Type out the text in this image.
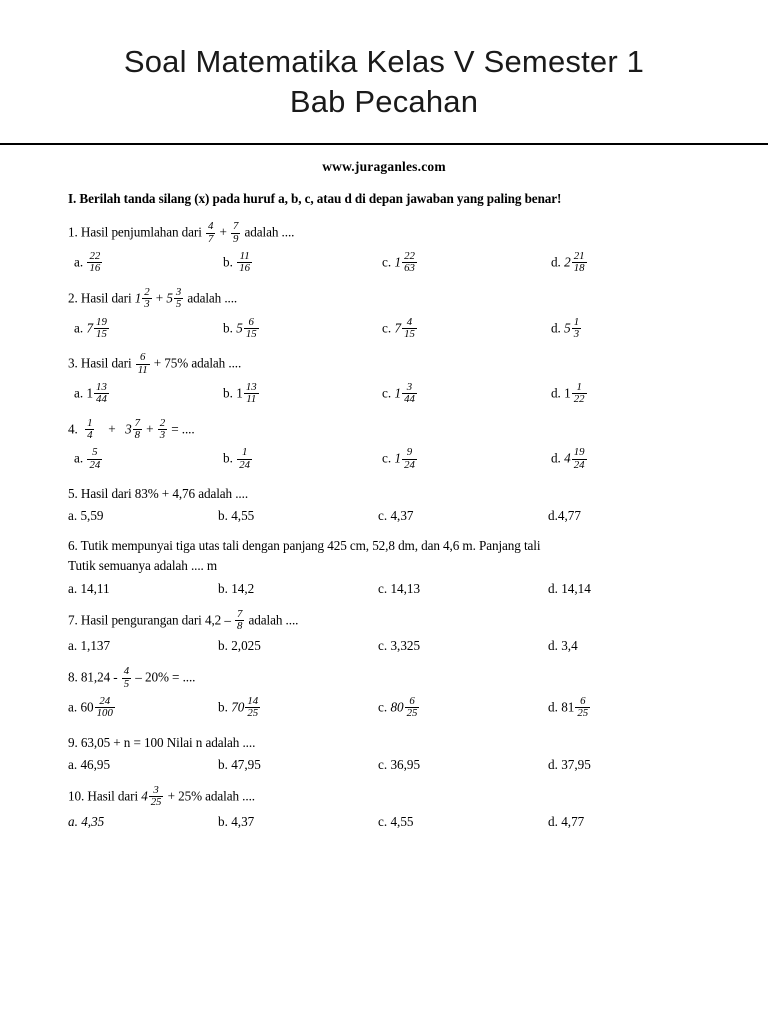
Soal Matematika Kelas V Semester 1
Bab Pecahan
www.juraganles.com
I. Berilah tanda silang (x) pada huruf a, b, c, atau d di depan jawaban yang paling benar!
1. Hasil penjumlahan dari $\frac{4}{7} + \frac{7}{9}$ adalah ....
a. $\frac{22}{16}$	b. $\frac{11}{16}$	c. $1 \frac{22}{63}$	d. $2 \frac{21}{18}$
2. Hasil dari $1 \frac{2}{3} + 5 \frac{3}{5}$ adalah ....
a. $7 \frac{19}{15}$	b. $5 \frac{6}{15}$	c. $7 \frac{4}{15}$	d. $5 \frac{1}{3}$
3. Hasil dari $\frac{6}{11} + 75\%$ adalah ....
a. $1 \frac{13}{44}$	b. $1 \frac{13}{11}$	c. $1 \frac{3}{44}$	d. $1 \frac{1}{22}$
4. $\frac{1}{4} + 3 \frac{7}{8} + \frac{2}{3}$ = ....
a. $\frac{5}{24}$	b. $\frac{1}{24}$	c. $1 \frac{9}{24}$	d. $4 \frac{19}{24}$
5. Hasil dari 83% + 4,76 adalah ....
a. 5,59	b. 4,55	c. 4,37	d.4,77
6. Tutik mempunyai tiga utas tali dengan panjang 425 cm, 52,8 dm, dan 4,6 m. Panjang tali
Tutik semuanya adalah .... m
a. 14,11	b. 14,2	c. 14,13	d. 14,14
7. Hasil pengurangan dari $4,2 - \frac{7}{8}$ adalah ....
a. 1,137	b. 2,025	c. 3,325	d. 3,4
8. $81,24 - \frac{4}{5} - 20\%$ = ....
a. $60 \frac{24}{100}$	b. $70 \frac{14}{25}$	c. $80 \frac{6}{25}$	d. $81 \frac{6}{25}$
9. 63,05 + n = 100 Nilai n adalah ....
a. 46,95	b. 47,95	c. 36,95	d. 37,95
10. Hasil dari $4 \frac{3}{25} + 25\%$ adalah ....
a. 4,35	b. 4,37	c. 4,55	d. 4,77
